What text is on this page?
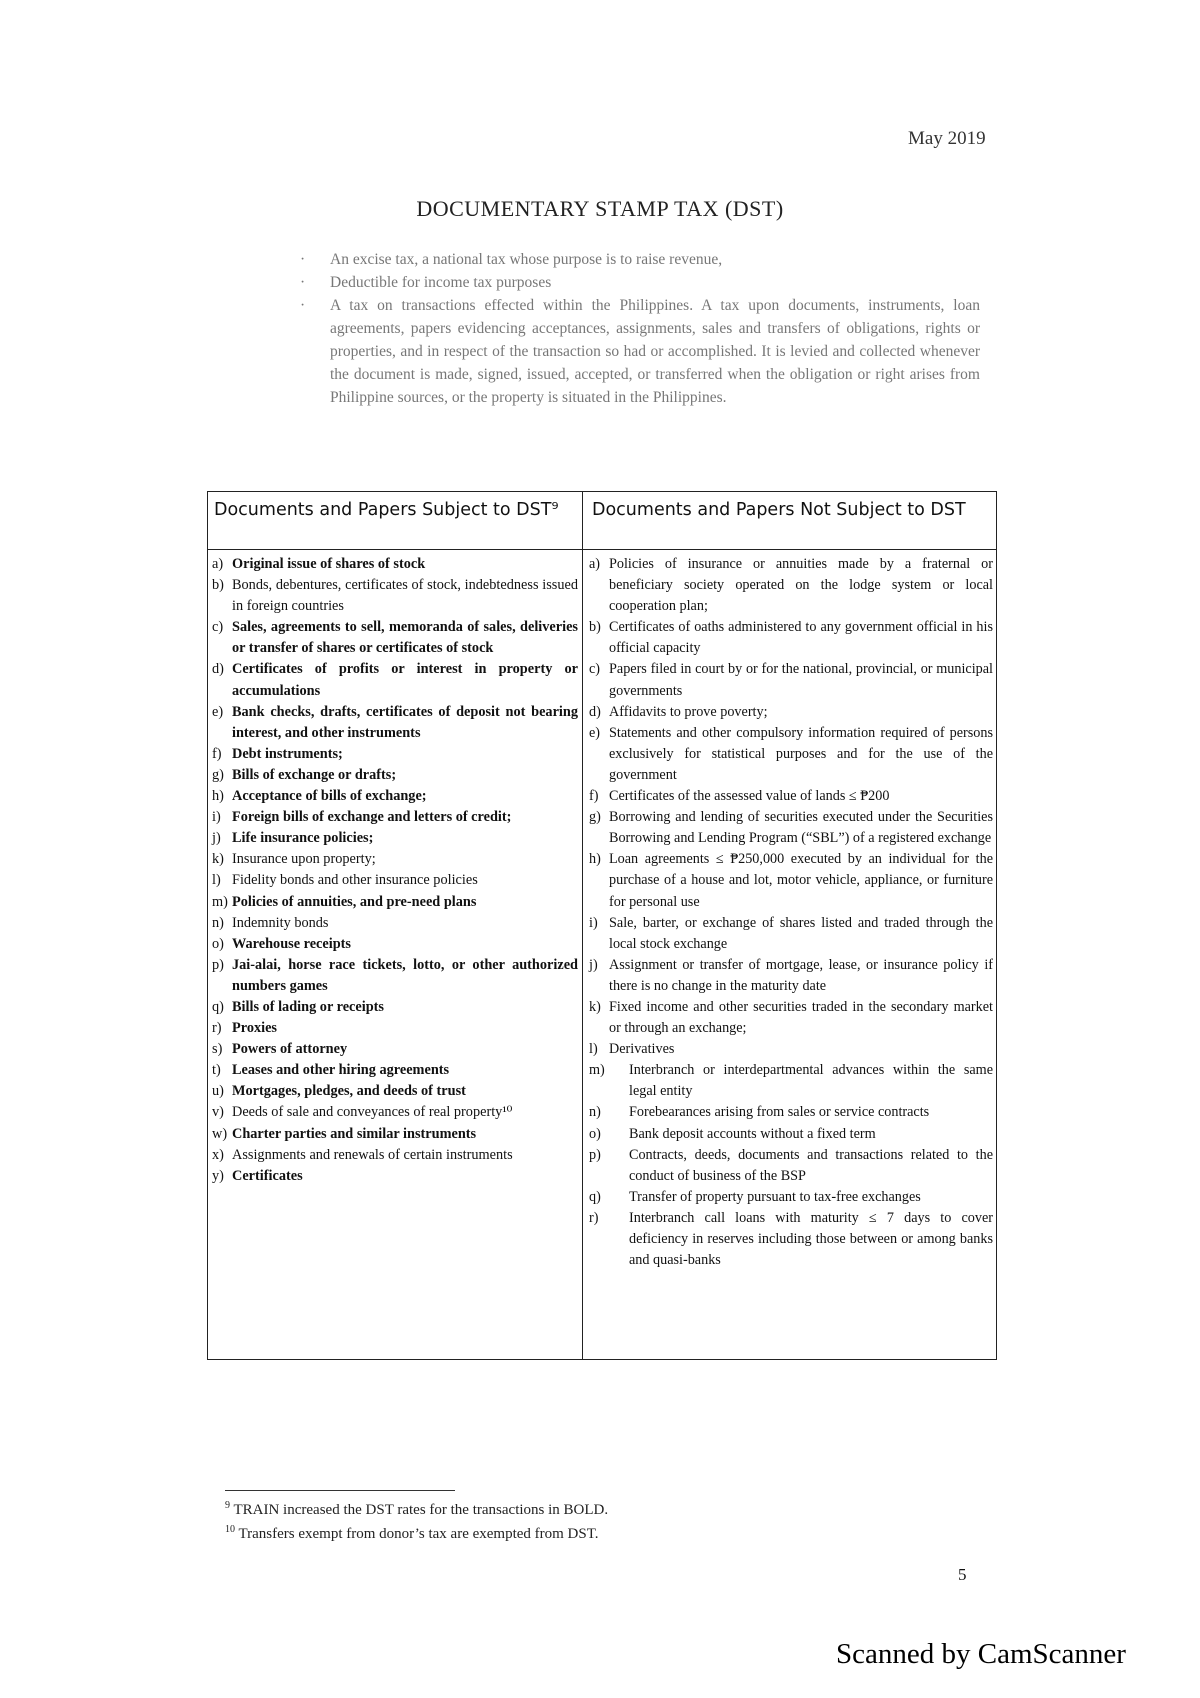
May 2019
DOCUMENTARY STAMP TAX (DST)
· An excise tax, a national tax whose purpose is to raise revenue,
· Deductible for income tax purposes
· A tax on transactions effected within the Philippines. A tax upon documents, instruments, loan agreements, papers evidencing acceptances, assignments, sales and transfers of obligations, rights or properties, and in respect of the transaction so had or accomplished. It is levied and collected whenever the document is made, signed, issued, accepted, or transferred when the obligation or right arises from Philippine sources, or the property is situated in the Philippines.
Documents and Papers Subject to DST⁹	Documents and Papers Not Subject to DST
a) Original issue of shares of stock
b) Bonds, debentures, certificates of stock, indebtedness issued in foreign countries
c) Sales, agreements to sell, memoranda of sales, deliveries or transfer of shares or certificates of stock
d) Certificates of profits or interest in property or accumulations
e) Bank checks, drafts, certificates of deposit not bearing interest, and other instruments
f) Debt instruments;
g) Bills of exchange or drafts;
h) Acceptance of bills of exchange;
i) Foreign bills of exchange and letters of credit;
j) Life insurance policies;
k) Insurance upon property;
l) Fidelity bonds and other insurance policies
m) Policies of annuities, and pre-need plans
n) Indemnity bonds
o) Warehouse receipts
p) Jai-alai, horse race tickets, lotto, or other authorized numbers games
q) Bills of lading or receipts
r) Proxies
s) Powers of attorney
t) Leases and other hiring agreements
u) Mortgages, pledges, and deeds of trust
v) Deeds of sale and conveyances of real property¹⁰
w) Charter parties and similar instruments
x) Assignments and renewals of certain instruments
y) Certificates
a) Policies of insurance or annuities made by a fraternal or beneficiary society operated on the lodge system or local cooperation plan;
b) Certificates of oaths administered to any government official in his official capacity
c) Papers filed in court by or for the national, provincial, or municipal governments
d) Affidavits to prove poverty;
e) Statements and other compulsory information required of persons exclusively for statistical purposes and for the use of the government
f) Certificates of the assessed value of lands ≤ ₱200
g) Borrowing and lending of securities executed under the Securities Borrowing and Lending Program (“SBL”) of a registered exchange
h) Loan agreements ≤ ₱250,000 executed by an individual for the purchase of a house and lot, motor vehicle, appliance, or furniture for personal use
i) Sale, barter, or exchange of shares listed and traded through the local stock exchange
j) Assignment or transfer of mortgage, lease, or insurance policy if there is no change in the maturity date
k) Fixed income and other securities traded in the secondary market or through an exchange;
l) Derivatives
m) Interbranch or interdepartmental advances within the same legal entity
n) Forebearances arising from sales or service contracts
o) Bank deposit accounts without a fixed term
p) Contracts, deeds, documents and transactions related to the conduct of business of the BSP
q) Transfer of property pursuant to tax-free exchanges
r) Interbranch call loans with maturity ≤ 7 days to cover deficiency in reserves including those between or among banks and quasi-banks
$^9$ TRAIN increased the DST rates for the transactions in BOLD.
$^{10}$ Transfers exempt from donor’s tax are exempted from DST.
5
Scanned by CamScanner
